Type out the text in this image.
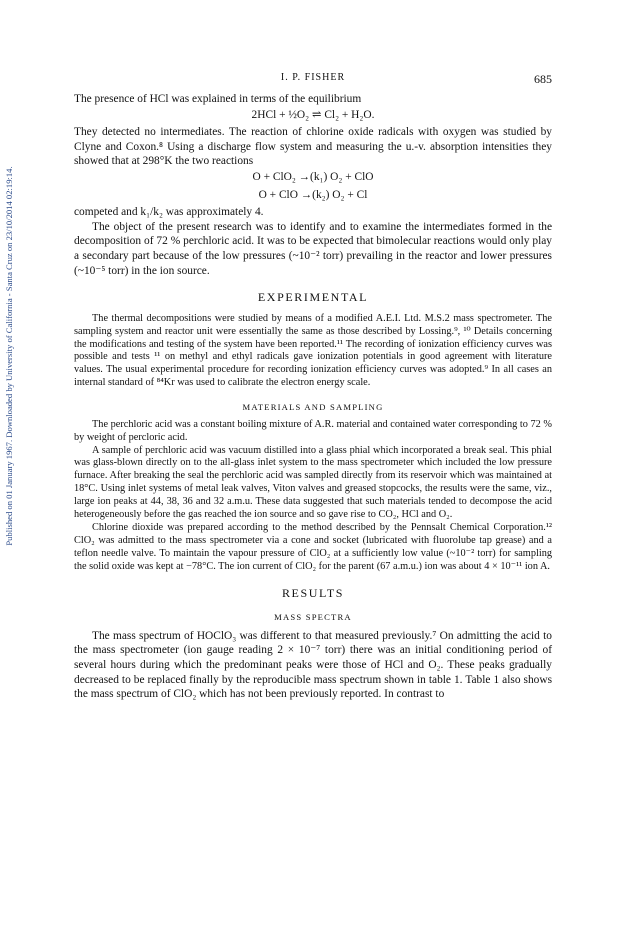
Published on 01 January 1967. Downloaded by University of California - Santa Cruz on 23/10/2014 02:19:14.
I. P. FISHER	685

The presence of HCl was explained in terms of the equilibrium

2HCl + ½O₂ ⇌ Cl₂ + H₂O.

They detected no intermediates. The reaction of chlorine oxide radicals with oxygen was studied by Clyne and Coxon.⁸ Using a discharge flow system and measuring the u.-v. absorption intensities they showed that at 298°K the two reactions

O + ClO₂ →(k₁) O₂ + ClO

O + ClO →(k₂) O₂ + Cl

competed and k₁/k₂ was approximately 4.

The object of the present research was to identify and to examine the intermediates formed in the decomposition of 72 % perchloric acid. It was to be expected that bimolecular reactions would only play a secondary part because of the low pressures (~10⁻² torr) prevailing in the reactor and lower pressures (~10⁻⁵ torr) in the ion source.

EXPERIMENTAL

The thermal decompositions were studied by means of a modified A.E.I. Ltd. M.S.2 mass spectrometer. The sampling system and reactor unit were essentially the same as those described by Lossing.⁹, ¹⁰ Details concerning the modifications and testing of the system have been reported.¹¹ The recording of ionization efficiency curves was possible and tests ¹¹ on methyl and ethyl radicals gave ionization potentials in good agreement with literature values. The usual experimental procedure for recording ionization efficiency curves was adopted.⁹ In all cases an internal standard of ⁸⁴Kr was used to calibrate the electron energy scale.

MATERIALS AND SAMPLING

The perchloric acid was a constant boiling mixture of A.R. material and contained water corresponding to 72 % by weight of percloric acid.

A sample of perchloric acid was vacuum distilled into a glass phial which incorporated a break seal. This phial was glass-blown directly on to the all-glass inlet system to the mass spectrometer which included the low pressure furnace. After breaking the seal the perchloric acid was sampled directly from its reservoir which was maintained at 18°C. Using inlet systems of metal leak valves, Viton valves and greased stopcocks, the results were the same, viz., large ion peaks at 44, 38, 36 and 32 a.m.u. These data suggested that such materials tended to decompose the acid heterogeneously before the gas reached the ion source and so gave rise to CO₂, HCl and O₂.

Chlorine dioxide was prepared according to the method described by the Pennsalt Chemical Corporation.¹² ClO₂ was admitted to the mass spectrometer via a cone and socket (lubricated with fluorolube tap grease) and a teflon needle valve. To maintain the vapour pressure of ClO₂ at a sufficiently low value (~10⁻² torr) for sampling the solid oxide was kept at −78°C. The ion current of ClO₂ for the parent (67 a.m.u.) ion was about 4 × 10⁻¹¹ ion A.

RESULTS
MASS SPECTRA

The mass spectrum of HOClO₃ was different to that measured previously.⁷ On admitting the acid to the mass spectrometer (ion gauge reading 2 × 10⁻⁷ torr) there was an initial conditioning period of several hours during which the predominant peaks were those of HCl and O₂. These peaks gradually decreased to be replaced finally by the reproducible mass spectrum shown in table 1. Table 1 also shows the mass spectrum of ClO₂ which has not been previously reported. In contrast to
